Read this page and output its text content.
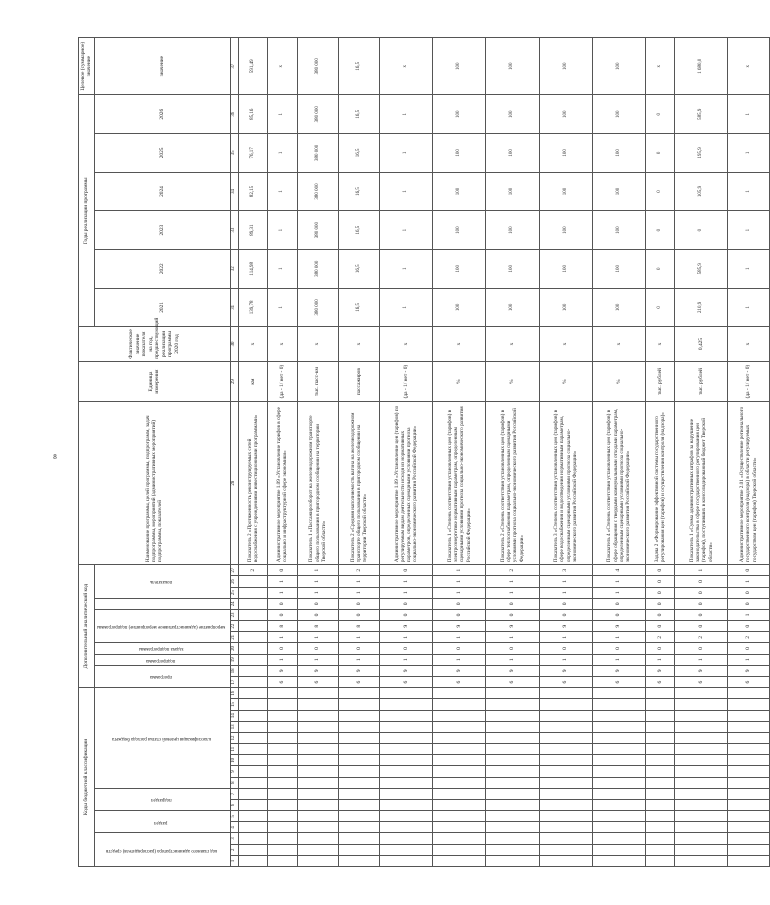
8
Коды бюджетной классификации																Дополнительный аналитический код											Наименование программы, целей программы, подпрограмм, задач подпрограммы, мероприятий (административных мероприятий) подпрограммы, показателей	Единица измерения	Фактическое значение показателя на год, предшествующий реализации программы 2020 год	Годы реализации программы						Целевое (суммарное) значение
код главного администратора (распорядителя) средств			раздел		подраздел		классификация целевой статьи расхода бюджета									программа		подпрограмма	задача подпрограммы	мероприятие (административное мероприятие) подпрограммы				показатель						2021	2022	2023	2024	2025	2026	значение

1	2	3	4	5	6	7	8	9	10	11	12	13	14	15	16	17	18	19	20	21	22	23	24	25	26	27	28	29	30	31	32	33	34	35	36	37
																										2	Показатель 2 «Протяженность реконструируемых сетей водоснабжения с учреждениями инвестиционными программами»	км	x	139,78	114,98	89,31	82,15	76,17	85,16	591,49
																6	9	1	0	1	8	0	0	1	1	0	Административное мероприятие 1.09 «Установление тарифов в сфере социально и инфраструктурной сфере экономики»	(да - 1/ нет - 0)	x	1	1	1	1	1	1	x
																6	9	1	0	1	8	0	0	1	1	1	Показатель 1 «Пассажирооборот на железнодорожном транспорте общего пользования в пригородном сообщении на территории Тверской области»	тыс. пасс-км	x	380 000	380 000	380 000	380 000	380 000	380 000	380 000
																6	9	1	0	1	8	0	0	1	1	2	Показатель 2 «Средняя наполняемость вагона на железнодорожном транспорте общего пользования в пригородном сообщении на территории Тверской области»	пассажиров	x	16,5	16,5	16,5	16,5	16,5	16,5	16,5
																6	9	1	0	1	9	0	0	1	1	0	Административное мероприятие 1.09 «Установление цен (тарифов) по регулируемым видам деятельности исходя из нормативных параметров, определенных сценарными условиями прогноза социально-экономического развития Российской Федерации»	(да - 1/ нет - 0)	x	1	1	1	1	1	1	x
																6	9	1	0	1	9	0	0	1	1	1	Показатель 1 «Степень соответствия установленных цен (тарифов) в электроэнергетике нормативным параметрам, определенным сценарными условиями прогноза социально-экономического развития Российской Федерации»	%	x	100	100	100	100	100	100	100
																6	9	1	0	1	9	0	0	1	1	2	Показатель 2 «Степень соответствия установленных цен (тарифов) в сфере теплоснабжения параметрам, определенным сценарными условиями прогноза социально-экономического развития Российской Федерации»	%	x	100	100	100	100	100	100	100
																6	9	1	0	1	9	0	0	1	1	3	Показатель 3 «Степень соответствия установленных цен (тарифов) в сфере водоснабжения и водоотведения нормативным параметрам, определенным сценарными условиями прогноза социально-экономического развития Российской Федерации»	%	x	100	100	100	100	100	100	100
																6	9	1	0	1	9	0	0	1	1	4	Показатель 4 «Степень соответствия установленных цен (тарифов) в сфере обращения с твердыми коммунальными отходами параметрам, определенным сценарными условиями прогноза социально-экономического развития Российской Федерации»	%	x	100	100	100	100	100	100	100
																6	9	1	0	2	0	0	0	0	0	0	Задача 2 «Формирование эффективной системы государственного регулирования цен (тарифов) и осуществления контроля (надзора)»	тыс. рублей	x	0	0	0	0	0	0	x
																6	9	1	0	2	0	0	0	0	0	1	Показатель 1 «Сумма административных штрафов за нарушение законодательства в сфере государственного регулирования цен (тарифов), поступивших в консолидированный бюджет Тверской области»	тыс. рублей	0,425	210,9	585,9	0	105,9	195,9	585,9	1 680,0
																6	9	1	0	2	0	1	0	0	1	0	Административное мероприятие 2.01 «Осуществление регионального государственного контроля (надзора) в области регулируемых государством цен (тарифов) Тверской области»	(да - 1/ нет - 0)	x	1	1	1	1	1	1	x
